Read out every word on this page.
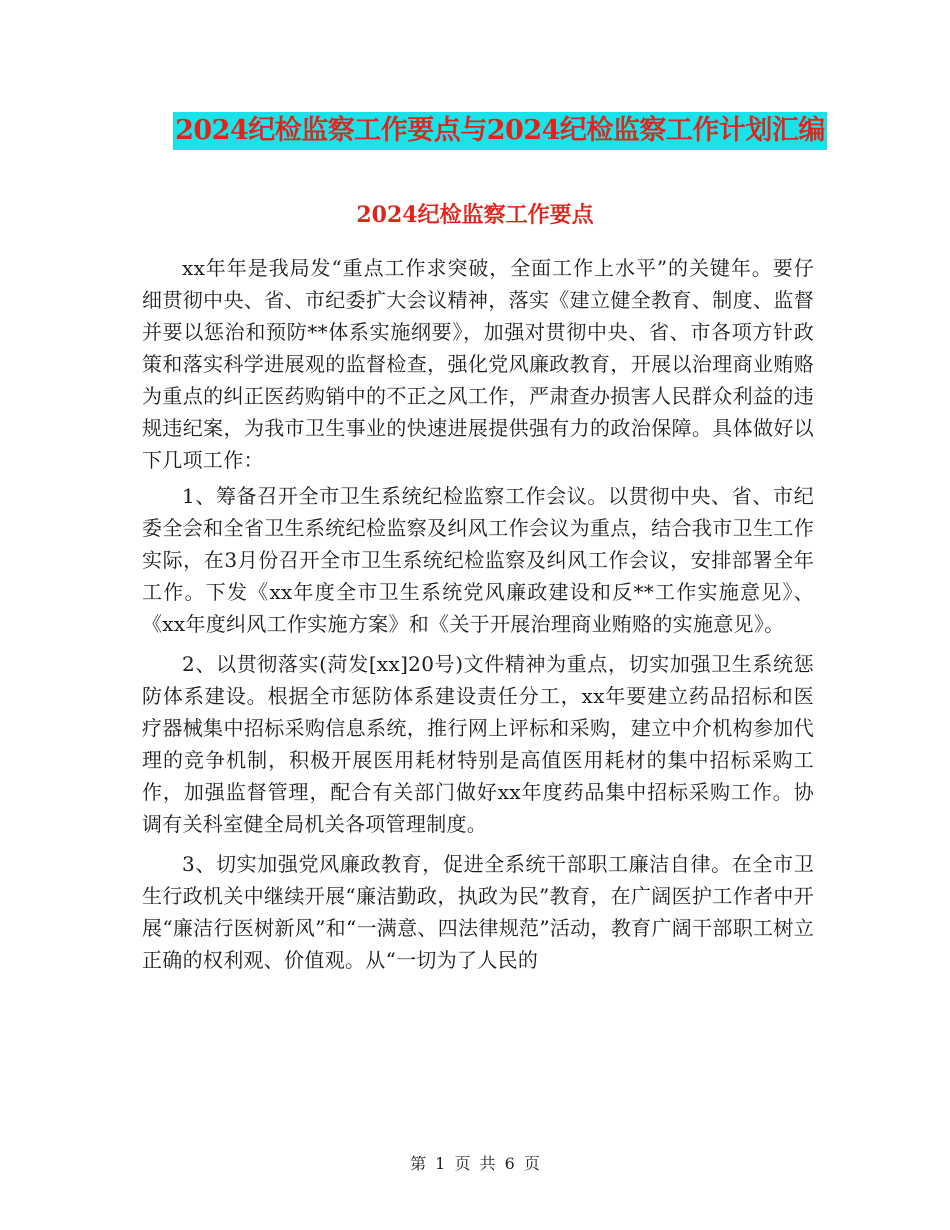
2024纪检监察工作要点与2024纪检监察工作计划汇编
2024纪检监察工作要点

xx年年是我局发“重点工作求突破，全面工作上水平”的关键年。要仔细贯彻中央、省、市纪委扩大会议精神，落实《建立健全教育、制度、监督并要以惩治和预防**体系实施纲要》，加强对贯彻中央、省、市各项方针政策和落实科学进展观的监督检查，强化党风廉政教育，开展以治理商业贿赂为重点的纠正医药购销中的不正之风工作，严肃查办损害人民群众利益的违规违纪案，为我市卫生事业的快速进展提供强有力的政治保障。具体做好以下几项工作：

1、筹备召开全市卫生系统纪检监察工作会议。以贯彻中央、省、市纪委全会和全省卫生系统纪检监察及纠风工作会议为重点，结合我市卫生工作实际，在3月份召开全市卫生系统纪检监察及纠风工作会议，安排部署全年工作。下发《xx年度全市卫生系统党风廉政建设和反**工作实施意见》、《xx年度纠风工作实施方案》和《关于开展治理商业贿赂的实施意见》。

2、以贯彻落实(菏发[xx]20号)文件精神为重点，切实加强卫生系统惩防体系建设。根据全市惩防体系建设责任分工，xx年要建立药品招标和医疗器械集中招标采购信息系统，推行网上评标和采购，建立中介机构参加代理的竞争机制，积极开展医用耗材特别是高值医用耗材的集中招标采购工作，加强监督管理，配合有关部门做好xx年度药品集中招标采购工作。协调有关科室健全局机关各项管理制度。

3、切实加强党风廉政教育，促进全系统干部职工廉洁自律。在全市卫生行政机关中继续开展“廉洁勤政，执政为民”教育，在广阔医护工作者中开展“廉洁行医树新风”和“一满意、四法律规范”活动，教育广阔干部职工树立正确的权利观、价值观。从“一切为了人民的

第 1 页 共 6 页
